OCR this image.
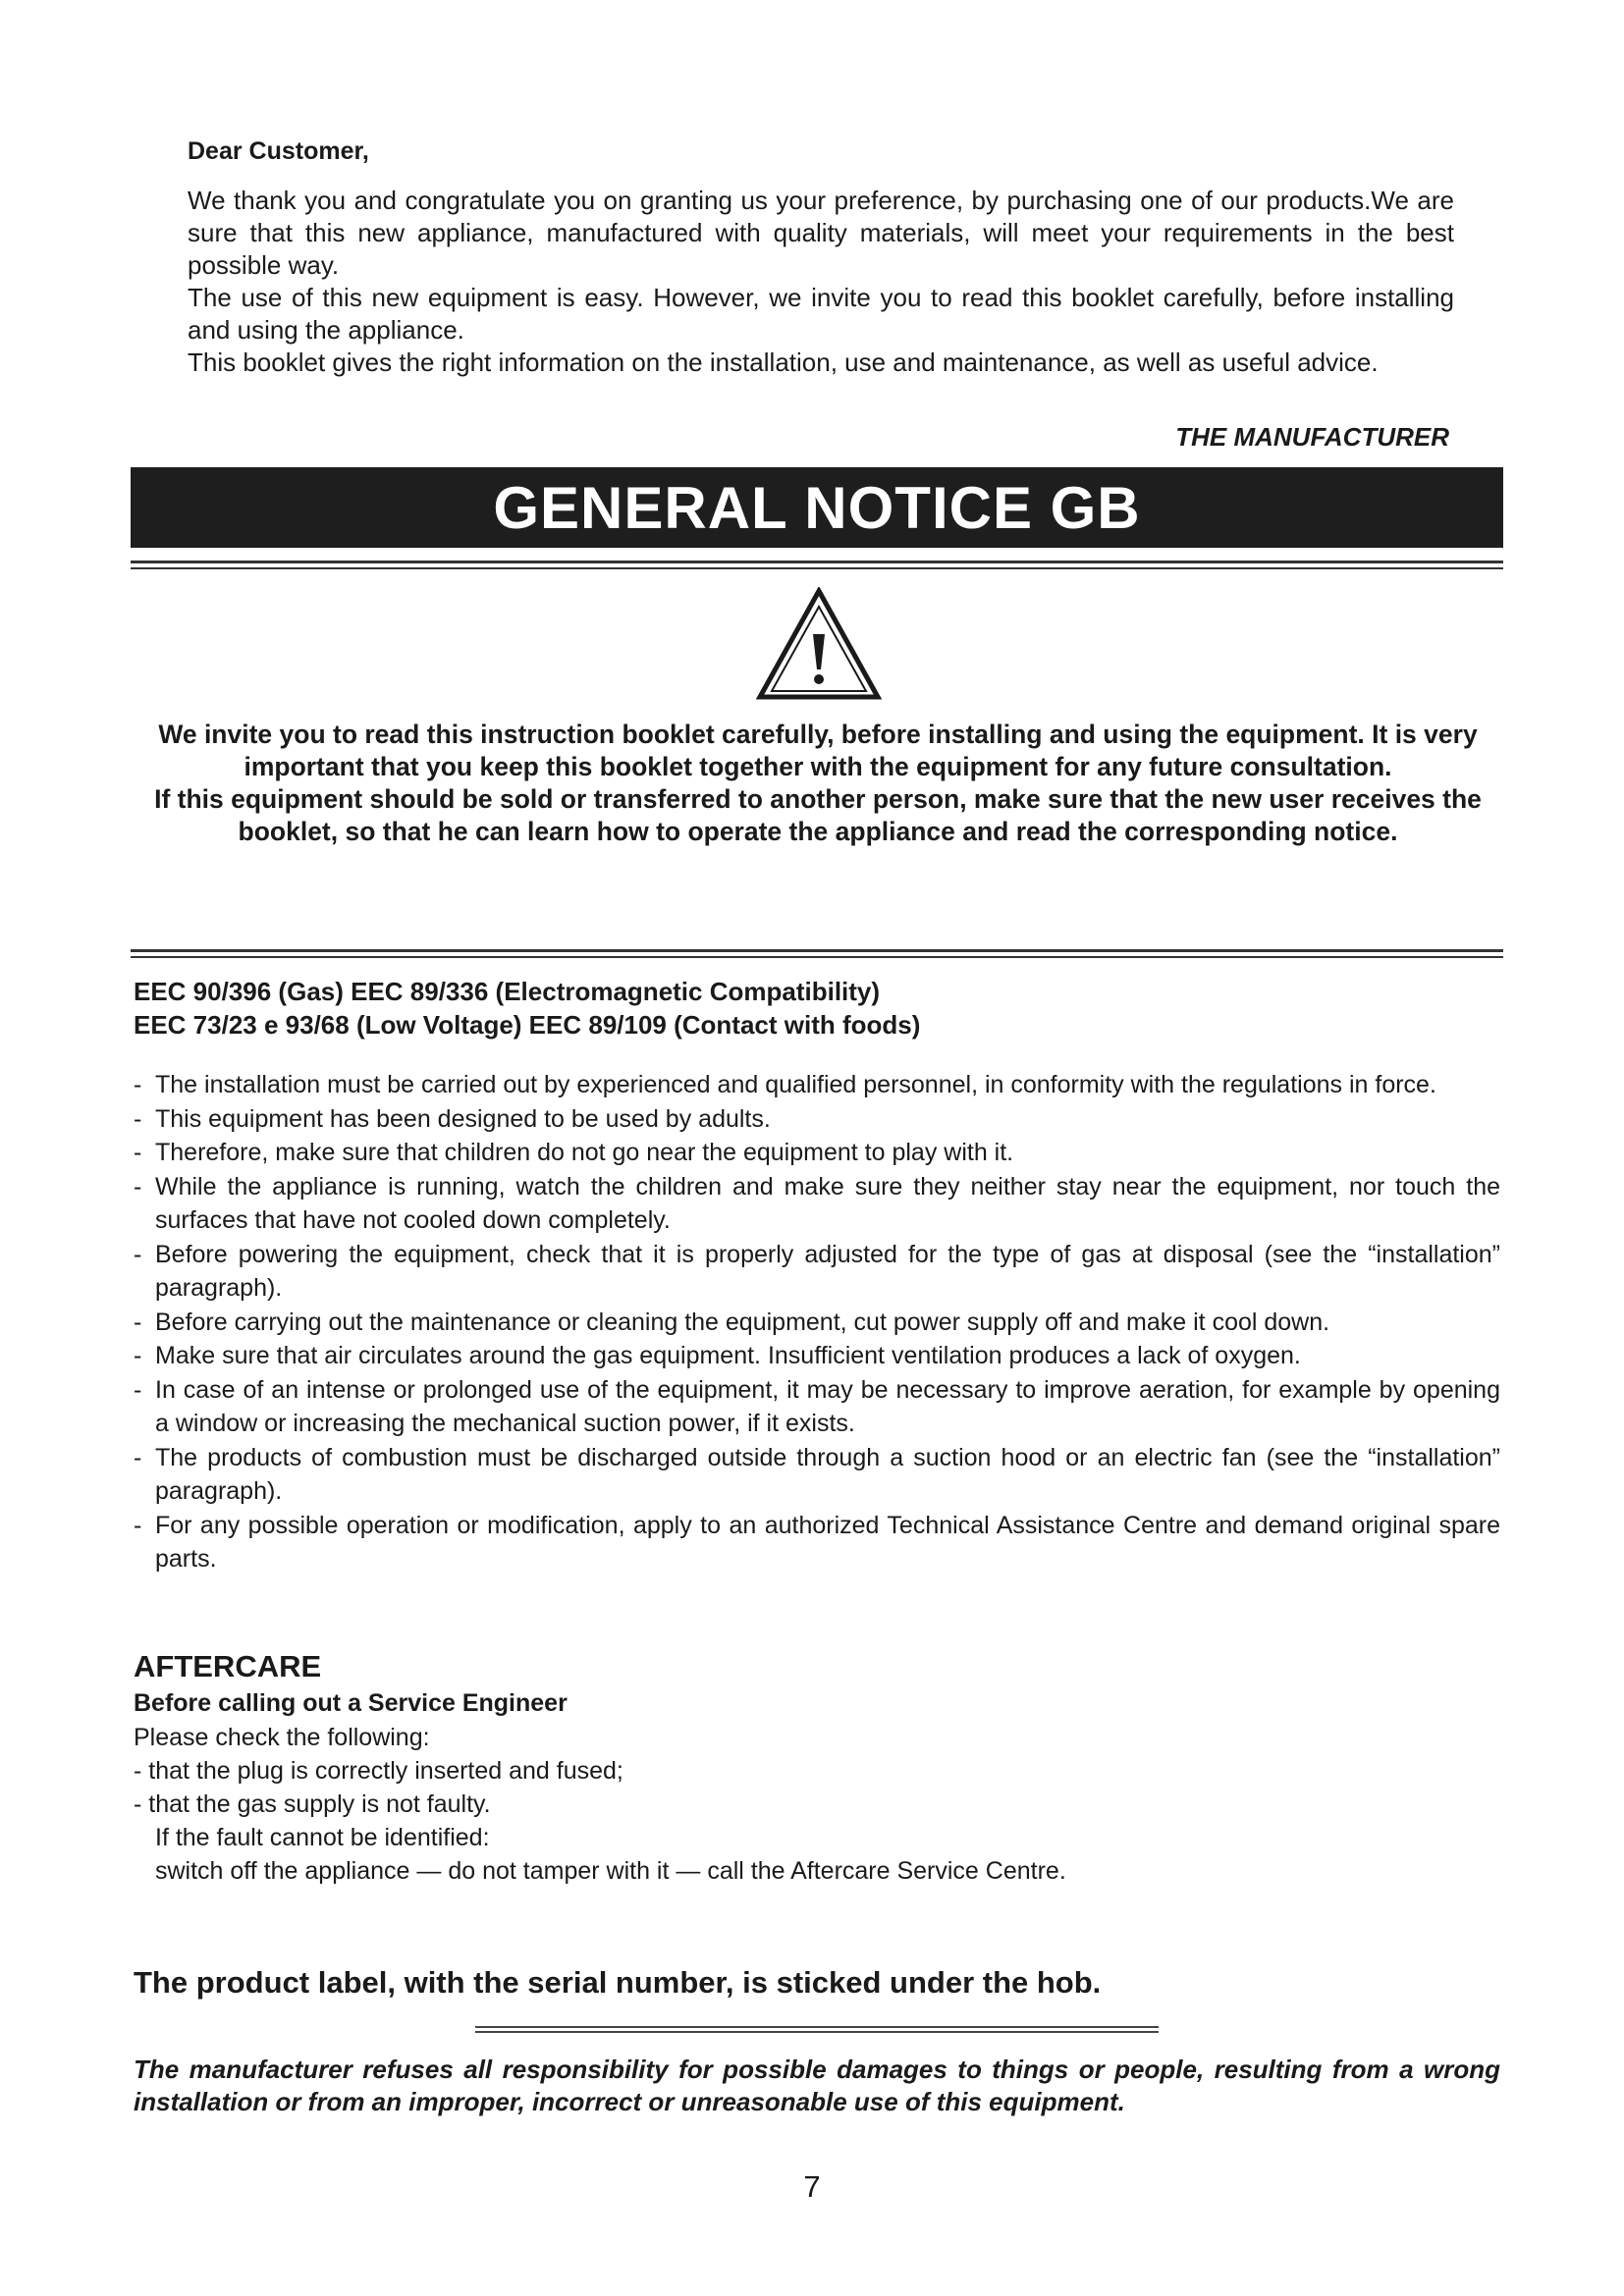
Dear Customer,

We thank you and congratulate you on granting us your preference, by purchasing one of our products.We are sure that this new appliance, manufactured with quality materials, will meet your requirements in the best possible way.

The use of this new equipment is easy. However, we invite you to read this booklet carefully, before installing and using the appliance.

This booklet gives the right information on the installation, use and maintenance, as well as useful advice.

THE MANUFACTURER
GENERAL NOTICE GB

We invite you to read this instruction booklet carefully, before installing and using the equipment. It is very important that you keep this booklet together with the equipment for any future consultation.

If this equipment should be sold or transferred to another person, make sure that the new user receives the booklet, so that he can learn how to operate the appliance and read the corresponding notice.

EEC 90/396 (Gas) EEC 89/336 (Electromagnetic Compatibility)
EEC 73/23 e 93/68 (Low Voltage) EEC 89/109 (Contact with foods)
- The installation must be carried out by experienced and qualified personnel, in conformity with the regulations in force.
- This equipment has been designed to be used by adults.
- Therefore, make sure that children do not go near the equipment to play with it.
- While the appliance is running, watch the children and make sure they neither stay near the equipment, nor touch the surfaces that have not cooled down completely.
- Before powering the equipment, check that it is properly adjusted for the type of gas at disposal (see the “installation” paragraph).
- Before carrying out the maintenance or cleaning the equipment, cut power supply off and make it cool down.
- Make sure that air circulates around the gas equipment. Insufficient ventilation produces a lack of oxygen.
- In case of an intense or prolonged use of the equipment, it may be necessary to improve aeration, for example by opening a window or increasing the mechanical suction power, if it exists.
- The products of combustion must be discharged outside through a suction hood or an electric fan (see the “installation” paragraph).
- For any possible operation or modification, apply to an authorized Technical Assistance Centre and demand original spare parts.
AFTERCARE
Before calling out a Service Engineer
Please check the following:
- that the plug is correctly inserted and fused;
- that the gas supply is not faulty.
If the fault cannot be identified:
switch off the appliance — do not tamper with it — call the Aftercare Service Centre.
The product label, with the serial number, is sticked under the hob.
The manufacturer refuses all responsibility for possible damages to things or people, resulting from a wrong installation or from an improper, incorrect or unreasonable use of this equipment.
7
